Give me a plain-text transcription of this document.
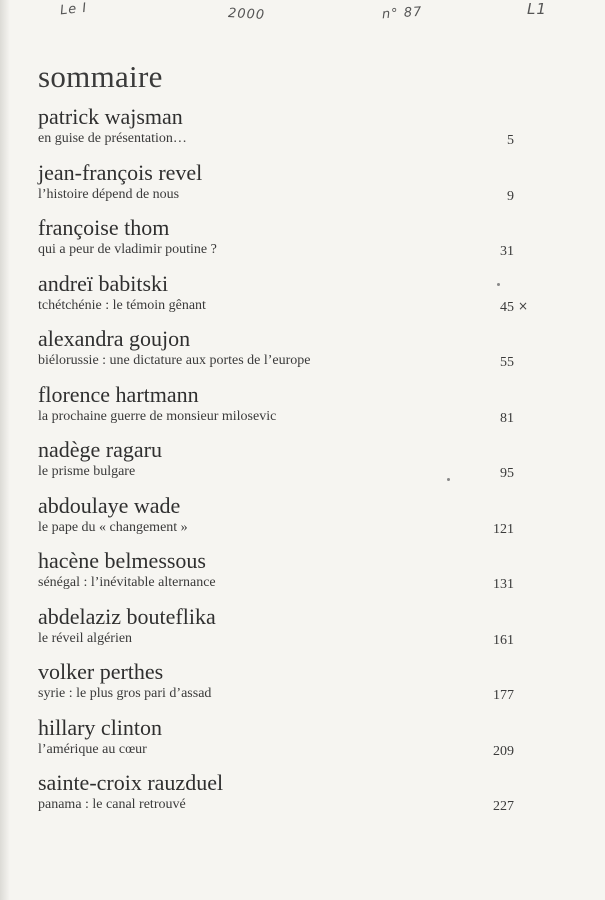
Le I	2000	n° 87	L1
sommaire
patrick wajsman
en guise de présentation…	5
jean-françois revel
l’histoire dépend de nous	9
françoise thom
qui a peur de vladimir poutine ?	31
andreï babitski
tchétchénie : le témoin gênant	45 ×
alexandra goujon
biélorussie : une dictature aux portes de l’europe	55
florence hartmann
la prochaine guerre de monsieur milosevic	81
nadège ragaru
le prisme bulgare	95
abdoulaye wade
le pape du « changement »	121
hacène belmessous
sénégal : l’inévitable alternance	131
abdelaziz bouteflika
le réveil algérien	161
volker perthes
syrie : le plus gros pari d’assad	177
hillary clinton
l’amérique au cœur	209
sainte-croix rauzduel
panama : le canal retrouvé	227
